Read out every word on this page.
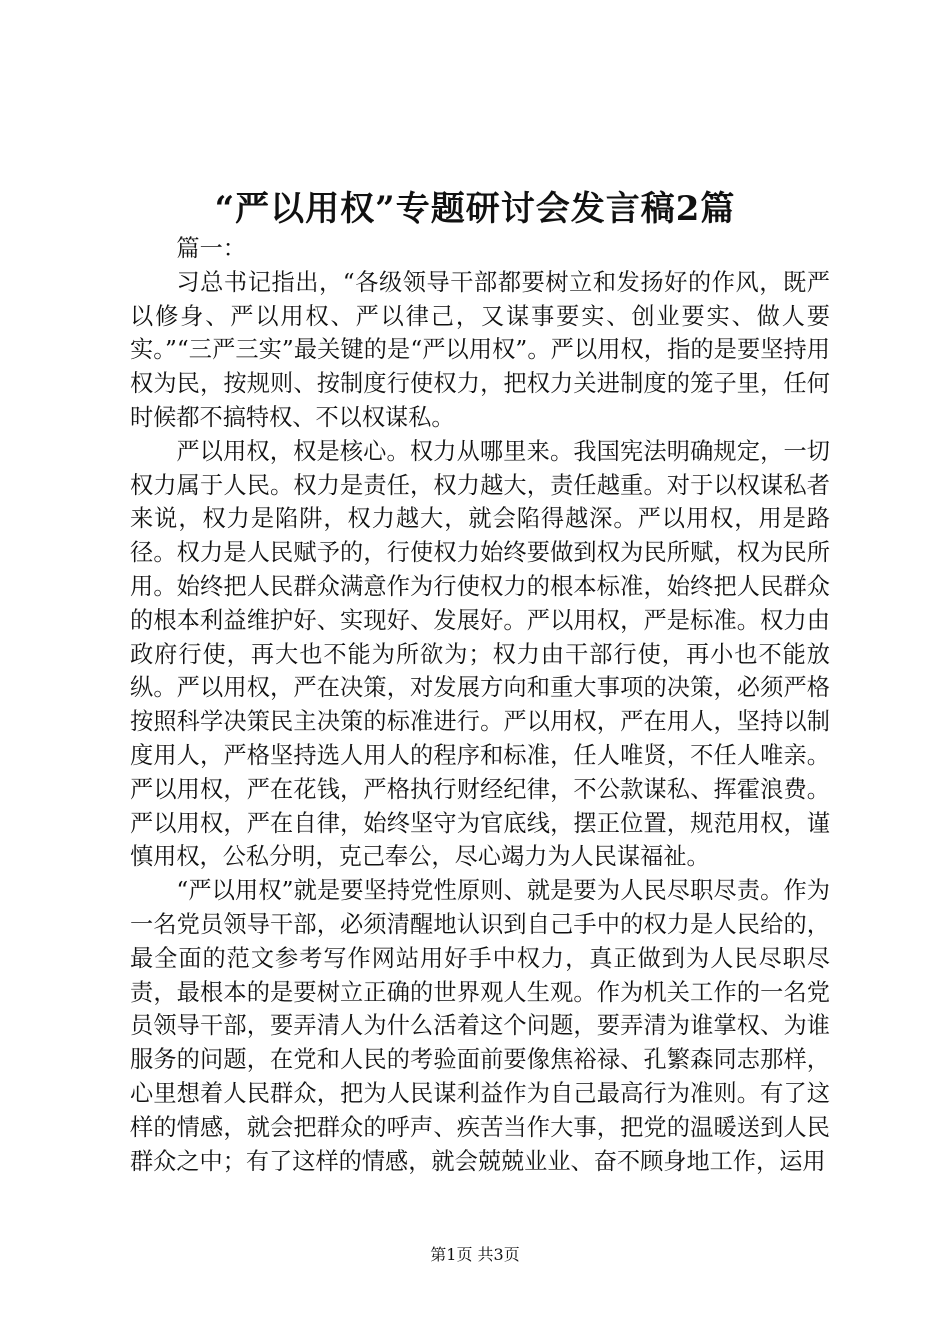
“严以用权”专题研讨会发言稿2篇

篇一：

习总书记指出，“各级领导干部都要树立和发扬好的作风，既严以修身、严以用权、严以律己，又谋事要实、创业要实、做人要实。”“三严三实”最关键的是“严以用权”。严以用权，指的是要坚持用权为民，按规则、按制度行使权力，把权力关进制度的笼子里，任何时候都不搞特权、不以权谋私。

严以用权，权是核心。权力从哪里来。我国宪法明确规定，一切权力属于人民。权力是责任，权力越大，责任越重。对于以权谋私者来说，权力是陷阱，权力越大，就会陷得越深。严以用权，用是路径。权力是人民赋予的，行使权力始终要做到权为民所赋，权为民所用。始终把人民群众满意作为行使权力的根本标准，始终把人民群众的根本利益维护好、实现好、发展好。严以用权，严是标准。权力由政府行使，再大也不能为所欲为；权力由干部行使，再小也不能放纵。严以用权，严在决策，对发展方向和重大事项的决策，必须严格按照科学决策民主决策的标准进行。严以用权，严在用人，坚持以制度用人，严格坚持选人用人的程序和标准，任人唯贤，不任人唯亲。严以用权，严在花钱，严格执行财经纪律，不公款谋私、挥霍浪费。严以用权，严在自律，始终坚守为官底线，摆正位置，规范用权，谨慎用权，公私分明，克己奉公，尽心竭力为人民谋福祉。

“严以用权”就是要坚持党性原则、就是要为人民尽职尽责。作为一名党员领导干部，必须清醒地认识到自己手中的权力是人民给的，最全面的范文参考写作网站用好手中权力，真正做到为人民尽职尽责，最根本的是要树立正确的世界观人生观。作为机关工作的一名党员领导干部，要弄清人为什么活着这个问题，要弄清为谁掌权、为谁服务的问题，在党和人民的考验面前要像焦裕禄、孔繁森同志那样，心里想着人民群众，把为人民谋利益作为自己最高行为准则。有了这样的情感，就会把群众的呼声、疾苦当作大事，把党的温暖送到人民群众之中；有了这样的情感，就会兢兢业业、奋不顾身地工作，运用

第1页 共3页
